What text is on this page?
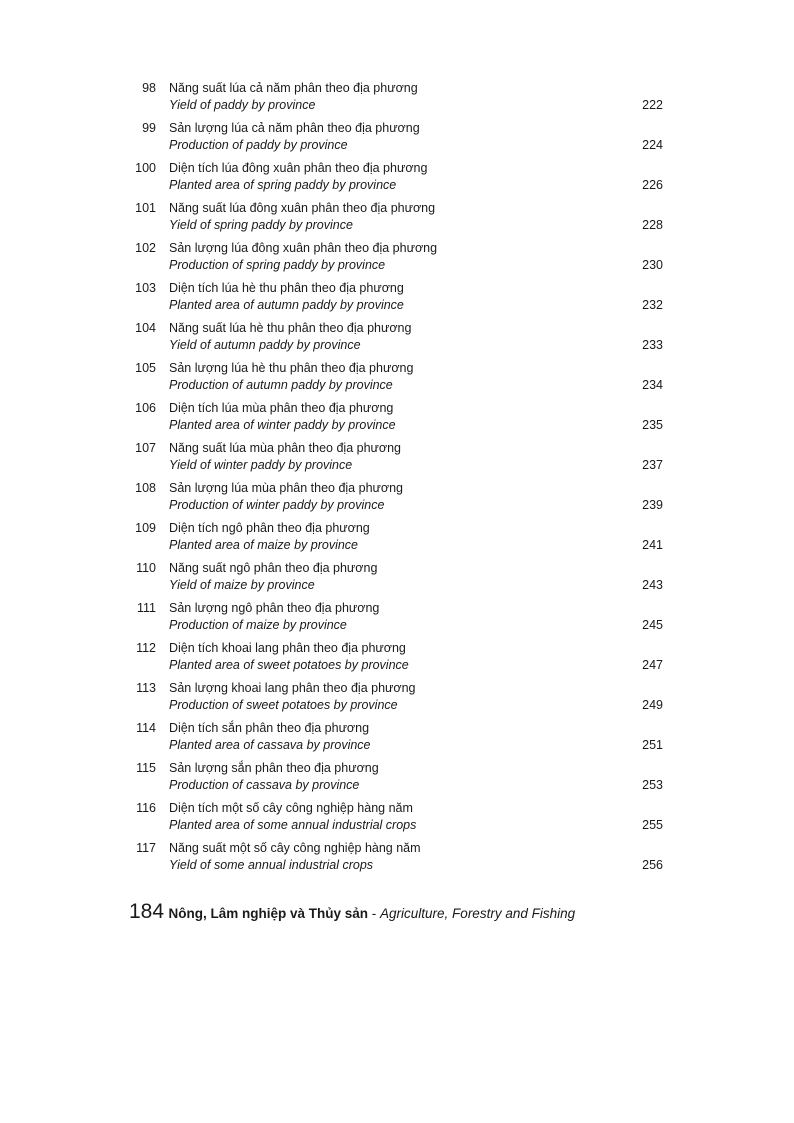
98 Năng suất lúa cả năm phân theo địa phương
Yield of paddy by province	222
99 Sản lượng lúa cả năm phân theo địa phương
Production of paddy by province	224
100 Diện tích lúa đông xuân phân theo địa phương
Planted area of spring paddy by province	226
101 Năng suất lúa đông xuân phân theo địa phương
Yield of spring paddy by province	228
102 Sản lượng lúa đông xuân phân theo địa phương
Production of spring paddy by province	230
103 Diện tích lúa hè thu phân theo địa phương
Planted area of autumn paddy by province	232
104 Năng suất lúa hè thu phân theo địa phương
Yield of autumn paddy by province	233
105 Sản lượng lúa hè thu phân theo địa phương
Production of autumn paddy by province	234
106 Diện tích lúa mùa phân theo địa phương
Planted area of winter paddy by province	235
107 Năng suất lúa mùa phân theo địa phương
Yield of winter paddy by province	237
108 Sản lượng lúa mùa phân theo địa phương
Production of winter paddy by province	239
109 Diện tích ngô phân theo địa phương
Planted area of maize by province	241
110 Năng suất ngô phân theo địa phương
Yield of maize by province	243
111 Sản lượng ngô phân theo địa phương
Production of maize by province	245
112 Diện tích khoai lang phân theo địa phương
Planted area of sweet potatoes by province	247
113 Sản lượng khoai lang phân theo địa phương
Production of sweet potatoes by province	249
114 Diện tích sắn phân theo địa phương
Planted area of cassava by province	251
115 Sản lượng sắn phân theo địa phương
Production of cassava by province	253
116 Diện tích một số cây công nghiệp hàng năm
Planted area of some annual industrial crops	255
117 Năng suất một số cây công nghiệp hàng năm
Yield of some annual industrial crops	256
184 Nông, Lâm nghiệp và Thủy sản - Agriculture, Forestry and Fishing
